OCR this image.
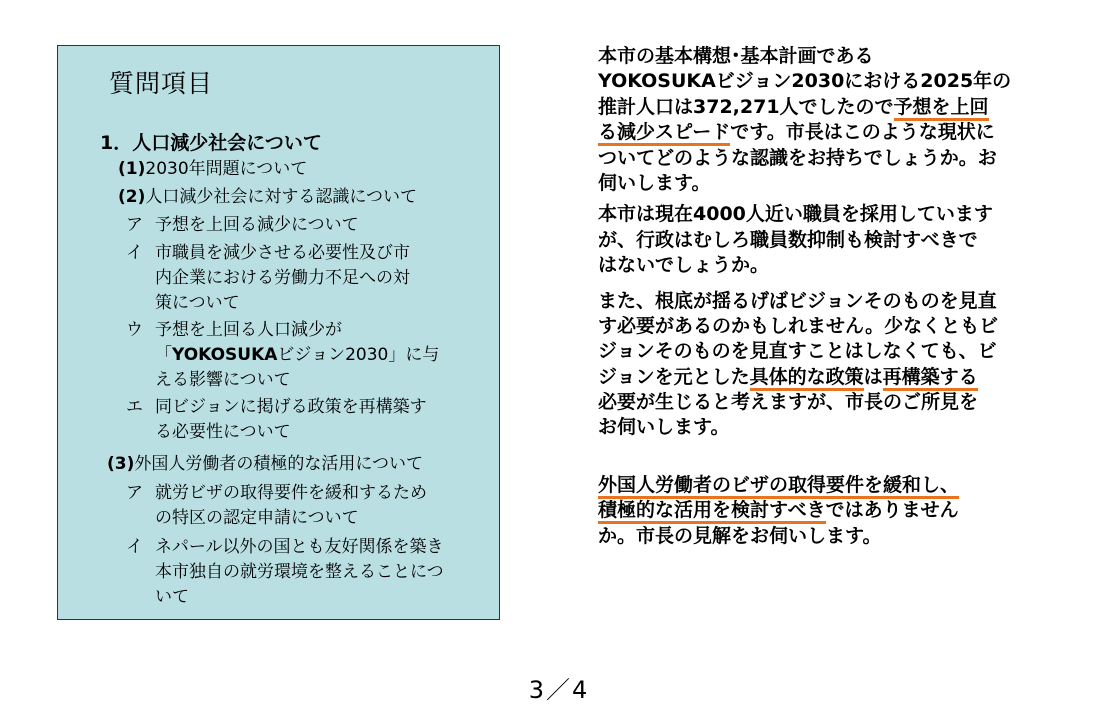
質問項目
1．人口減少社会について
(1)2030年問題について
(2)人口減少社会に対する認識について
ア 予想を上回る減少について
イ 市職員を減少させる必要性及び市
内企業における労働力不足への対
策について
ウ 予想を上回る人口減少が
「YOKOSUKAビジョン2030」に与
える影響について
エ 同ビジョンに掲げる政策を再構築す
る必要性について
(3)外国人労働者の積極的な活用について
ア 就労ビザの取得要件を緩和するため
の特区の認定申請について
イ ネパール以外の国とも友好関係を築き
本市独自の就労環境を整えることにつ
いて
本市の基本構想･基本計画である
YOKOSUKAビジョン2030における2025年の
推計人口は372,271人でしたので予想を上回
る減少スピードです。市長はこのような現状に
ついてどのような認識をお持ちでしょうか。お
伺いします。
本市は現在4000人近い職員を採用しています
が、行政はむしろ職員数抑制も検討すべきで
はないでしょうか。
また、根底が揺るげばビジョンそのものを見直
す必要があるのかもしれません。少なくともビ
ジョンそのものを見直すことはしなくても、ビ
ジョンを元とした具体的な政策は再構築する
必要が生じると考えますが、市長のご所見を
お伺いします。
外国人労働者のビザの取得要件を緩和し、
積極的な活用を検討すべきではありません
か。市長の見解をお伺いします。
3／4
